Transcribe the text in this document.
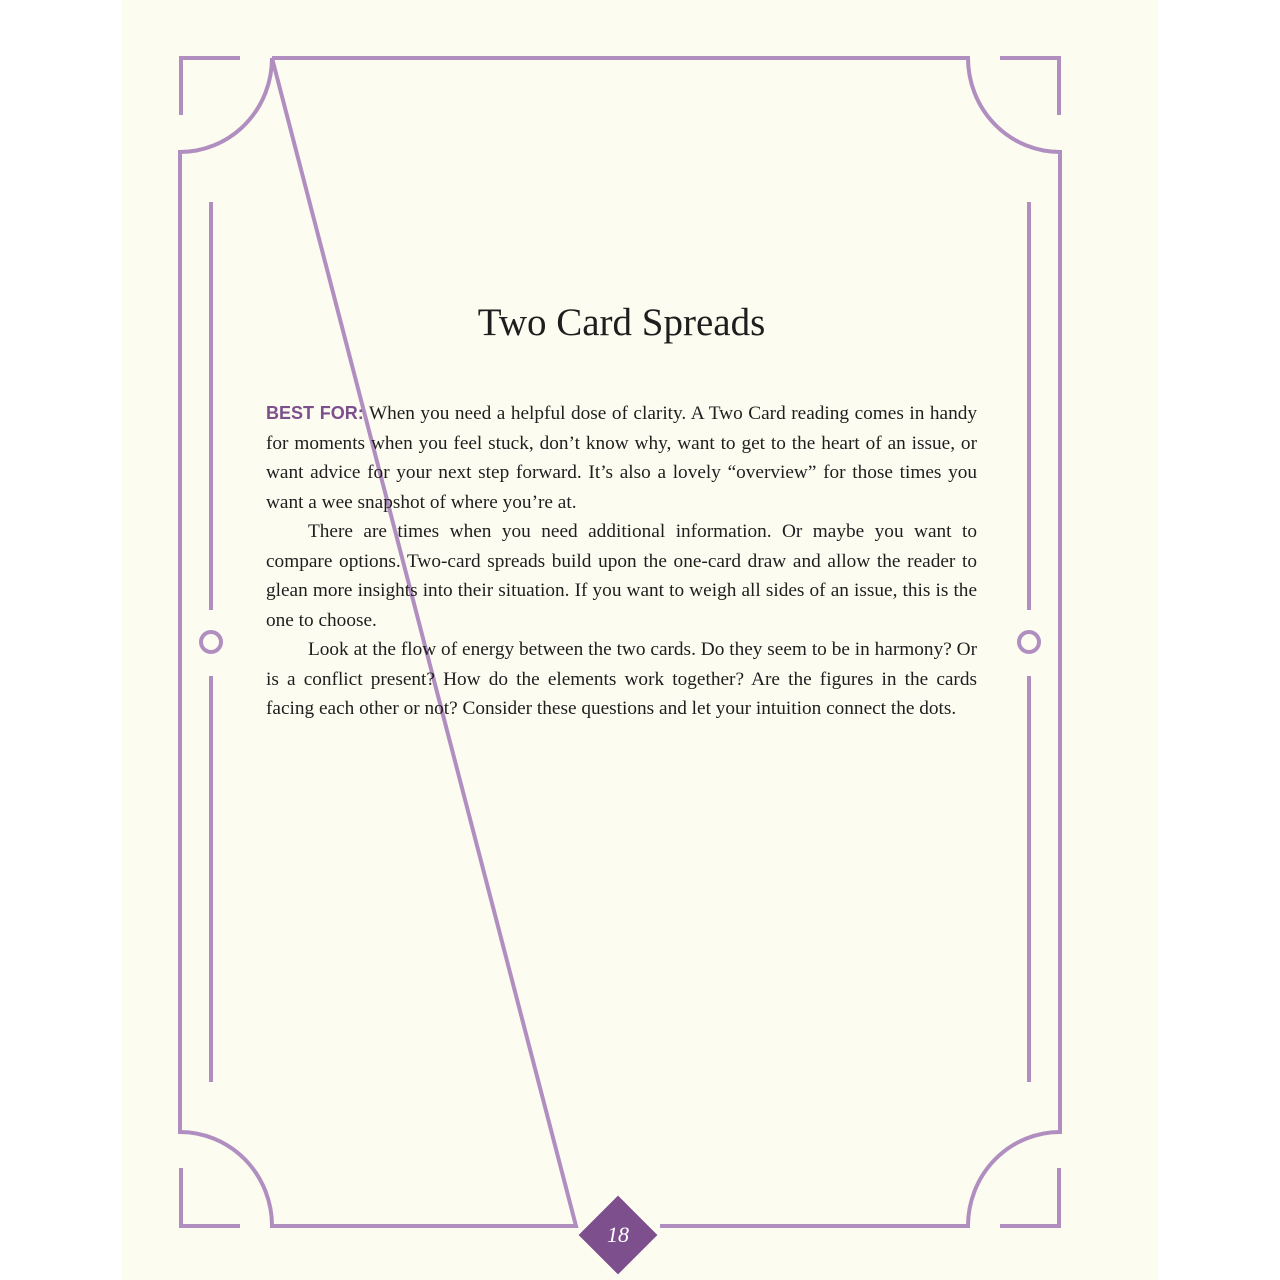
Two Card Spreads

BEST FOR: When you need a helpful dose of clarity. A Two Card reading comes in handy for moments when you feel stuck, don’t know why, want to get to the heart of an issue, or want advice for your next step forward. It’s also a lovely “overview” for those times you want a wee snapshot of where you’re at.

There are times when you need additional information. Or maybe you want to compare options. Two-card spreads build upon the one-card draw and allow the reader to glean more insights into their situation. If you want to weigh all sides of an issue, this is the one to choose.

Look at the flow of energy between the two cards. Do they seem to be in harmony? Or is a conflict present? How do the elements work together? Are the figures in the cards facing each other or not? Consider these questions and let your intuition connect the dots.

18
